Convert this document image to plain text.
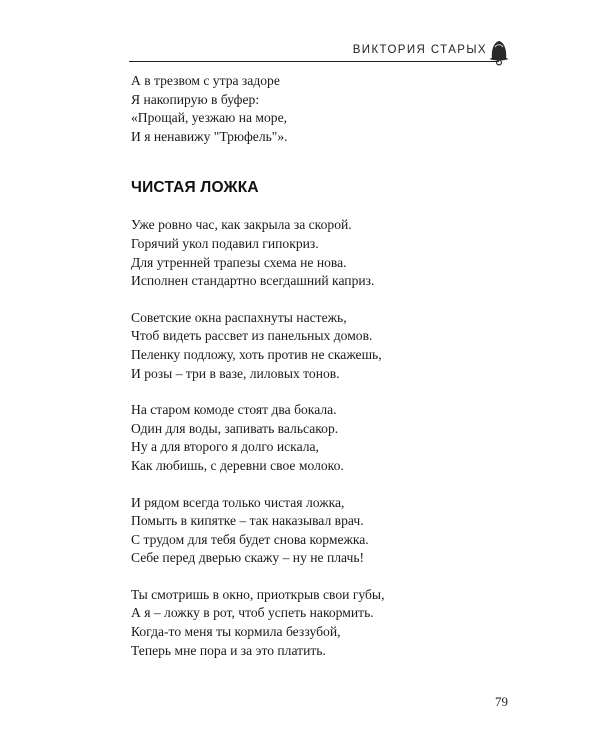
ВИКТОРИЯ СТАРЫХ
А в трезвом с утра задоре
Я накопирую в буфер:
«Прощай, уезжаю на море,
И я ненавижу "Трюфель"».
ЧИСТАЯ ЛОЖКА
Уже ровно час, как закрыла за скорой.
Горячий укол подавил гипокриз.
Для утренней трапезы схема не нова.
Исполнен стандартно всегдашний каприз.
Советские окна распахнуты настежь,
Чтоб видеть рассвет из панельных домов.
Пеленку подложу, хоть против не скажешь,
И розы – три в вазе, лиловых тонов.
На старом комоде стоят два бокала.
Один для воды, запивать вальсакор.
Ну а для второго я долго искала,
Как любишь, с деревни свое молоко.
И рядом всегда только чистая ложка,
Помыть в кипятке – так наказывал врач.
С трудом для тебя будет снова кормежка.
Себе перед дверью скажу – ну не плачь!
Ты смотришь в окно, приоткрыв свои губы,
А я – ложку в рот, чтоб успеть накормить.
Когда-то меня ты кормила беззубой,
Теперь мне пора и за это платить.
79
